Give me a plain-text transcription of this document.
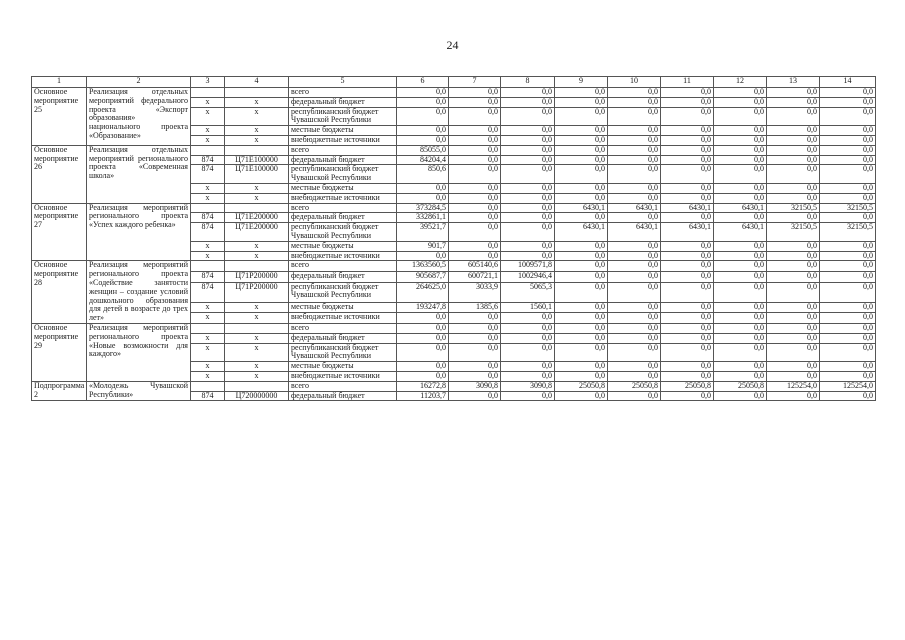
24
1	2	3	4	5	6	7	8	9	10	11	12	13	14
Основное мероприятие 25	Реализация отдельных мероприятий федерального проекта «Экспорт образования» национального проекта «Образование»			всего	0,0	0,0	0,0	0,0	0,0	0,0	0,0	0,0	0,0
		x	x	федеральный бюджет	0,0	0,0	0,0	0,0	0,0	0,0	0,0	0,0	0,0
		x	x	республиканский бюджет Чувашской Республики	0,0	0,0	0,0	0,0	0,0	0,0	0,0	0,0	0,0
		x	x	местные бюджеты	0,0	0,0	0,0	0,0	0,0	0,0	0,0	0,0	0,0
		x	x	внебюджетные источники	0,0	0,0	0,0	0,0	0,0	0,0	0,0	0,0	0,0
Основное мероприятие 26	Реализация отдельных мероприятий регионального проекта «Современная школа»			всего	85055,0	0,0	0,0	0,0	0,0	0,0	0,0	0,0	0,0
		874	Ц71E100000	федеральный бюджет	84204,4	0,0	0,0	0,0	0,0	0,0	0,0	0,0	0,0
		874	Ц71E100000	республиканский бюджет Чувашской Республики	850,6	0,0	0,0	0,0	0,0	0,0	0,0	0,0	0,0
		x	x	местные бюджеты	0,0	0,0	0,0	0,0	0,0	0,0	0,0	0,0	0,0
		x	x	внебюджетные источники	0,0	0,0	0,0	0,0	0,0	0,0	0,0	0,0	0,0
Основное мероприятие 27	Реализация мероприятий регионального проекта «Успех каждого ребенка»			всего	373284,5	0,0	0,0	6430,1	6430,1	6430,1	6430,1	32150,5	32150,5
		874	Ц71E200000	федеральный бюджет	332861,1	0,0	0,0	0,0	0,0	0,0	0,0	0,0	0,0
		874	Ц71E200000	республиканский бюджет Чувашской Республики	39521,7	0,0	0,0	6430,1	6430,1	6430,1	6430,1	32150,5	32150,5
		x	x	местные бюджеты	901,7	0,0	0,0	0,0	0,0	0,0	0,0	0,0	0,0
		x	x	внебюджетные источники	0,0	0,0	0,0	0,0	0,0	0,0	0,0	0,0	0,0
Основное мероприятие 28	Реализация мероприятий регионального проекта «Содействие занятости женщин – создание условий дошкольного образования для детей в возрасте до трех лет»			всего	1363560,5	605140,6	1009571,8	0,0	0,0	0,0	0,0	0,0	0,0
		874	Ц71P200000	федеральный бюджет	905687,7	600721,1	1002946,4	0,0	0,0	0,0	0,0	0,0	0,0
		874	Ц71P200000	республиканский бюджет Чувашской Республики	264625,0	3033,9	5065,3	0,0	0,0	0,0	0,0	0,0	0,0
		x	x	местные бюджеты	193247,8	1385,6	1560,1	0,0	0,0	0,0	0,0	0,0	0,0
		x	x	внебюджетные источники	0,0	0,0	0,0	0,0	0,0	0,0	0,0	0,0	0,0
Основное мероприятие 29	Реализация мероприятий регионального проекта «Новые возможности для каждого»			всего	0,0	0,0	0,0	0,0	0,0	0,0	0,0	0,0	0,0
		x	x	федеральный бюджет	0,0	0,0	0,0	0,0	0,0	0,0	0,0	0,0	0,0
		x	x	республиканский бюджет Чувашской Республики	0,0	0,0	0,0	0,0	0,0	0,0	0,0	0,0	0,0
		x	x	местные бюджеты	0,0	0,0	0,0	0,0	0,0	0,0	0,0	0,0	0,0
		x	x	внебюджетные источники	0,0	0,0	0,0	0,0	0,0	0,0	0,0	0,0	0,0
Подпрограмма 2	«Молодежь Чувашской Республики»			всего	16272,8	3090,8	3090,8	25050,8	25050,8	25050,8	25050,8	125254,0	125254,0
		874	Ц720000000	федеральный бюджет	11203,7	0,0	0,0	0,0	0,0	0,0	0,0	0,0	0,0
